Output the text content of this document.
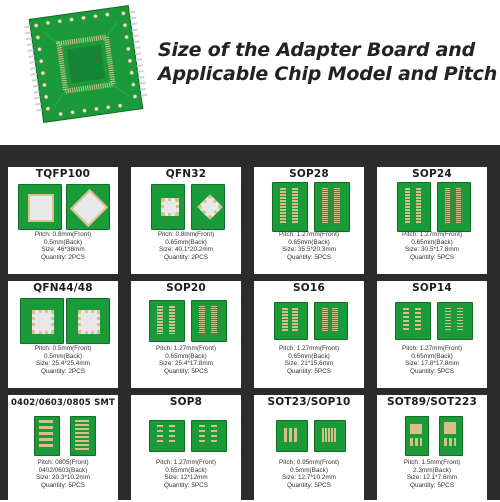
Size of the Adapter Board and
Applicable Chip Model and Pitch
TQFP100
Pitch: 0.8mm(Front)
0.5mm(Back)
Size: 46*38mm
Quantity: 2PCS
QFN32
Pitch: 0.8mm(Front)
0.65mm(Back)
Size: 40.1*20.2mm
Quantity: 2PCS
SOP28
Pitch: 1.27mm(Front)
0.65mm(Back)
Size: 35.5*20.3mm
Quantity: 5PCS
SOP24
Pitch: 1.27mm(Front)
0.65mm(Back)
Size: 30.5*17.8mm
Quantity: 5PCS
QFN44/48
Pitch: 0.5mm(Front)
0.5mm(Back)
Size: 25.4*25.4mm
Quantity: 2PCS
SOP20
Pitch: 1.27mm(Front)
0.65mm(Back)
Size: 25.4*17.8mm
Quantity: 5PCS
SO16
Pitch: 1.27mm(Front)
0.65mm(Back)
Size: 21*15.6mm
Quantity: 5PCS
SOP14
Pitch: 1.27mm(Front)
0.65mm(Back)
Size: 17.8*17.8mm
Quantity: 5PCS
0402/0603/0805 SMT
Pitch: 0805(Front)
0402/0603(Back)
Size: 20.3*10.2mm
Quantity: 5PCS
SOP8
Pitch: 1.27mm(Front)
0.65mm(Back)
Size: 12*12mm
Quantity: 5PCS
SOT23/SOP10
Pitch: 0.95mm(Front)
0.5mm(Back)
Size: 12.7*10.2mm
Quantity: 5PCS
SOT89/SOT223
Pitch: 1.5mm(Front)
2.3mm(Back)
Size: 12.1*7.6mm
Quantity: 5PCS
